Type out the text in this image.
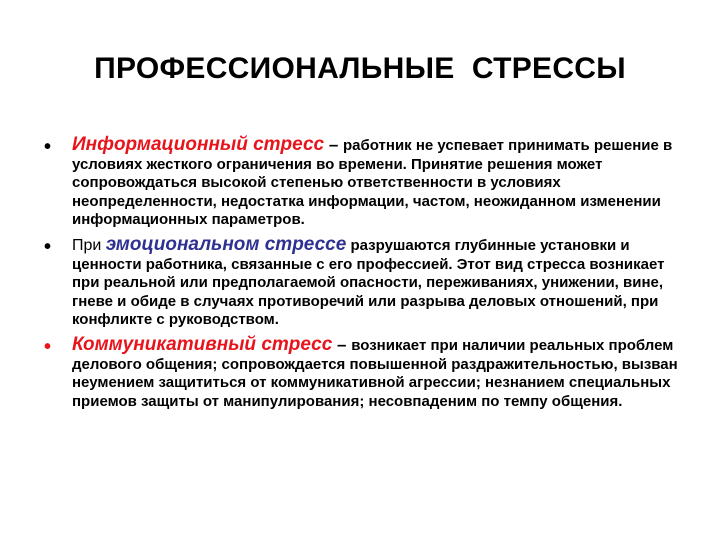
ПРОФЕССИОНАЛЬНЫЕ  СТРЕССЫ
• Информационный стресс – работник не успевает принимать решение в условиях жесткого ограничения во времени. Принятие решения может сопровождаться высокой степенью ответственности в условиях неопределенности, недостатка информации, частом, неожиданном изменении информационных параметров.
• При эмоциональном стрессе разрушаются глубинные установки и ценности работника, связанные с его профессией. Этот вид стресса возникает при реальной или предполагаемой опасности, переживаниях, унижении, вине, гневе и обиде в случаях противоречий или разрыва деловых отношений, при конфликте с руководством.
• Коммуникативный стресс – возникает при наличии реальных проблем делового общения; сопровождается повышенной раздражительностью, вызван неумением защититься от коммуникативной агрессии; незнанием специальных приемов защиты от манипулирования; несовпаденим по темпу общения.
